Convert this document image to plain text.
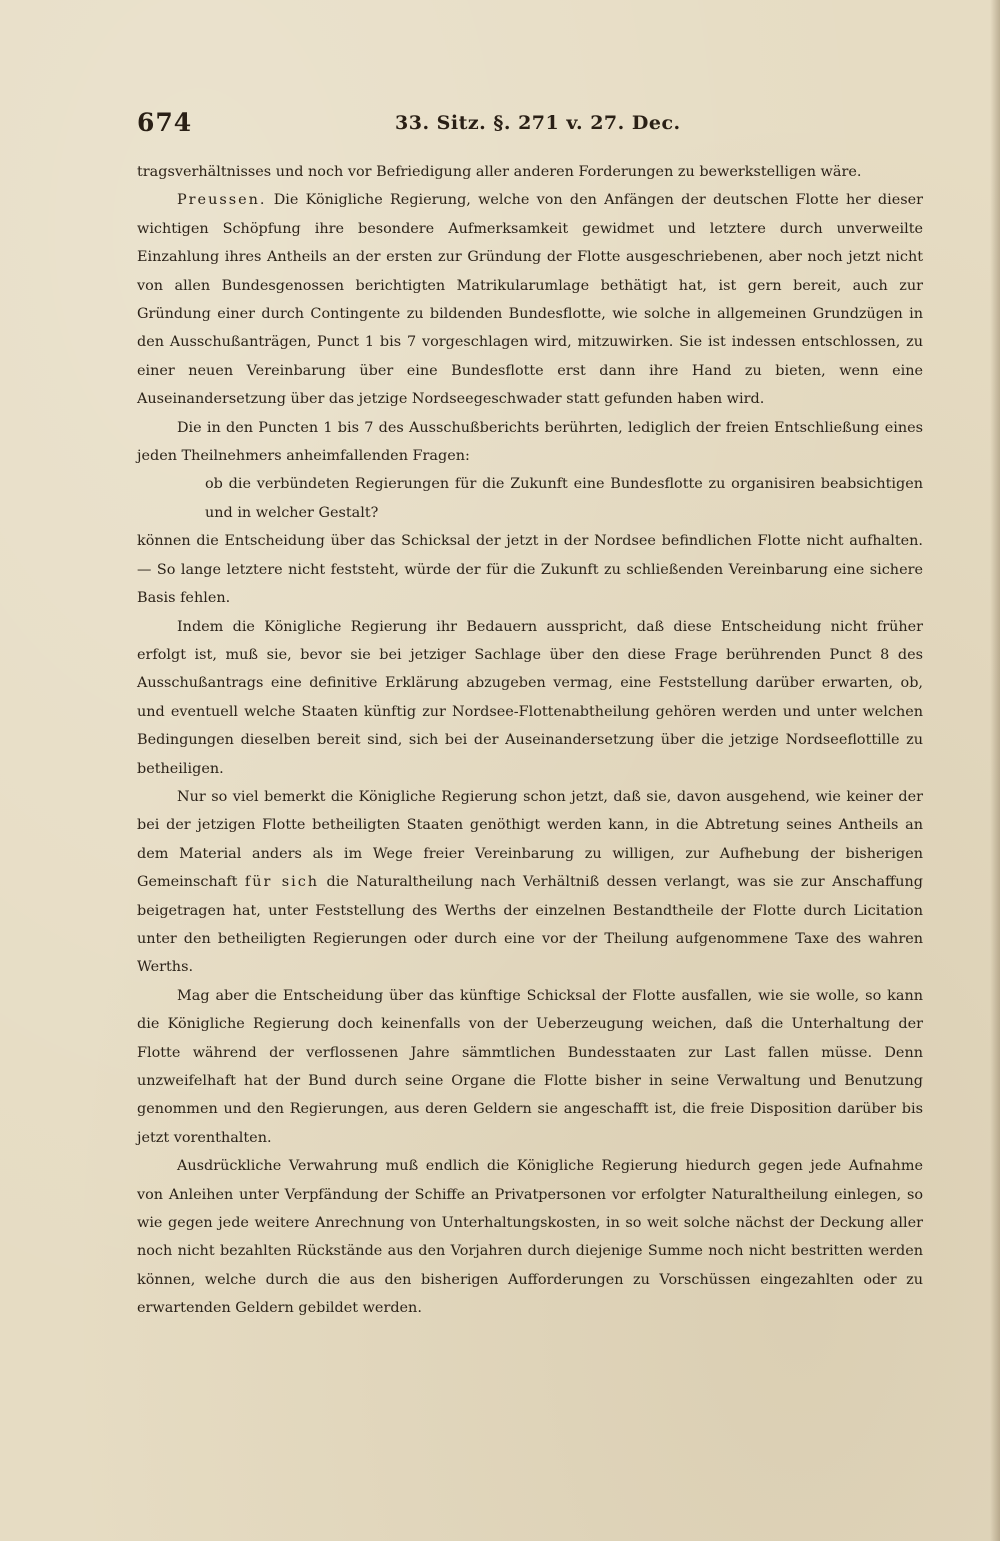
674	33. Sitz. §. 271 v. 27. Dec.

tragsverhältnisses und noch vor Befriedigung aller anderen Forderungen zu bewerkstelligen wäre.

Preussen. Die Königliche Regierung, welche von den Anfängen der deutschen Flotte her dieser wichtigen Schöpfung ihre besondere Aufmerksamkeit gewidmet und letztere durch unverweilte Einzahlung ihres Antheils an der ersten zur Gründung der Flotte ausgeschriebenen, aber noch jetzt nicht von allen Bundesgenossen berichtigten Matrikularumlage bethätigt hat, ist gern bereit, auch zur Gründung einer durch Contingente zu bildenden Bundesflotte, wie solche in allgemeinen Grundzügen in den Ausschußanträgen, Punct 1 bis 7 vorgeschlagen wird, mitzuwirken. Sie ist indessen entschlossen, zu einer neuen Vereinbarung über eine Bundesflotte erst dann ihre Hand zu bieten, wenn eine Auseinandersetzung über das jetzige Nordseegeschwader statt gefunden haben wird.

Die in den Puncten 1 bis 7 des Ausschußberichts berührten, lediglich der freien Entschließung eines jeden Theilnehmers anheimfallenden Fragen:

ob die verbündeten Regierungen für die Zukunft eine Bundesflotte zu organisiren beabsichtigen und in welcher Gestalt?

können die Entscheidung über das Schicksal der jetzt in der Nordsee befindlichen Flotte nicht aufhalten. — So lange letztere nicht feststeht, würde der für die Zukunft zu schließenden Vereinbarung eine sichere Basis fehlen.

Indem die Königliche Regierung ihr Bedauern ausspricht, daß diese Entscheidung nicht früher erfolgt ist, muß sie, bevor sie bei jetziger Sachlage über den diese Frage berührenden Punct 8 des Ausschußantrags eine definitive Erklärung abzugeben vermag, eine Feststellung darüber erwarten, ob, und eventuell welche Staaten künftig zur Nordsee-Flottenabtheilung gehören werden und unter welchen Bedingungen dieselben bereit sind, sich bei der Auseinandersetzung über die jetzige Nordseeflottille zu betheiligen.

Nur so viel bemerkt die Königliche Regierung schon jetzt, daß sie, davon ausgehend, wie keiner der bei der jetzigen Flotte betheiligten Staaten genöthigt werden kann, in die Abtretung seines Antheils an dem Material anders als im Wege freier Vereinbarung zu willigen, zur Aufhebung der bisherigen Gemeinschaft für sich die Naturaltheilung nach Verhältniß dessen verlangt, was sie zur Anschaffung beigetragen hat, unter Feststellung des Werths der einzelnen Bestandtheile der Flotte durch Licitation unter den betheiligten Regierungen oder durch eine vor der Theilung aufgenommene Taxe des wahren Werths.

Mag aber die Entscheidung über das künftige Schicksal der Flotte ausfallen, wie sie wolle, so kann die Königliche Regierung doch keinenfalls von der Ueberzeugung weichen, daß die Unterhaltung der Flotte während der verflossenen Jahre sämmtlichen Bundesstaaten zur Last fallen müsse. Denn unzweifelhaft hat der Bund durch seine Organe die Flotte bisher in seine Verwaltung und Benutzung genommen und den Regierungen, aus deren Geldern sie angeschafft ist, die freie Disposition darüber bis jetzt vorenthalten.

Ausdrückliche Verwahrung muß endlich die Königliche Regierung hiedurch gegen jede Aufnahme von Anleihen unter Verpfändung der Schiffe an Privatpersonen vor erfolgter Naturaltheilung einlegen, so wie gegen jede weitere Anrechnung von Unterhaltungskosten, in so weit solche nächst der Deckung aller noch nicht bezahlten Rückstände aus den Vorjahren durch diejenige Summe noch nicht bestritten werden können, welche durch die aus den bisherigen Aufforderungen zu Vorschüssen eingezahlten oder zu erwartenden Geldern gebildet werden.
